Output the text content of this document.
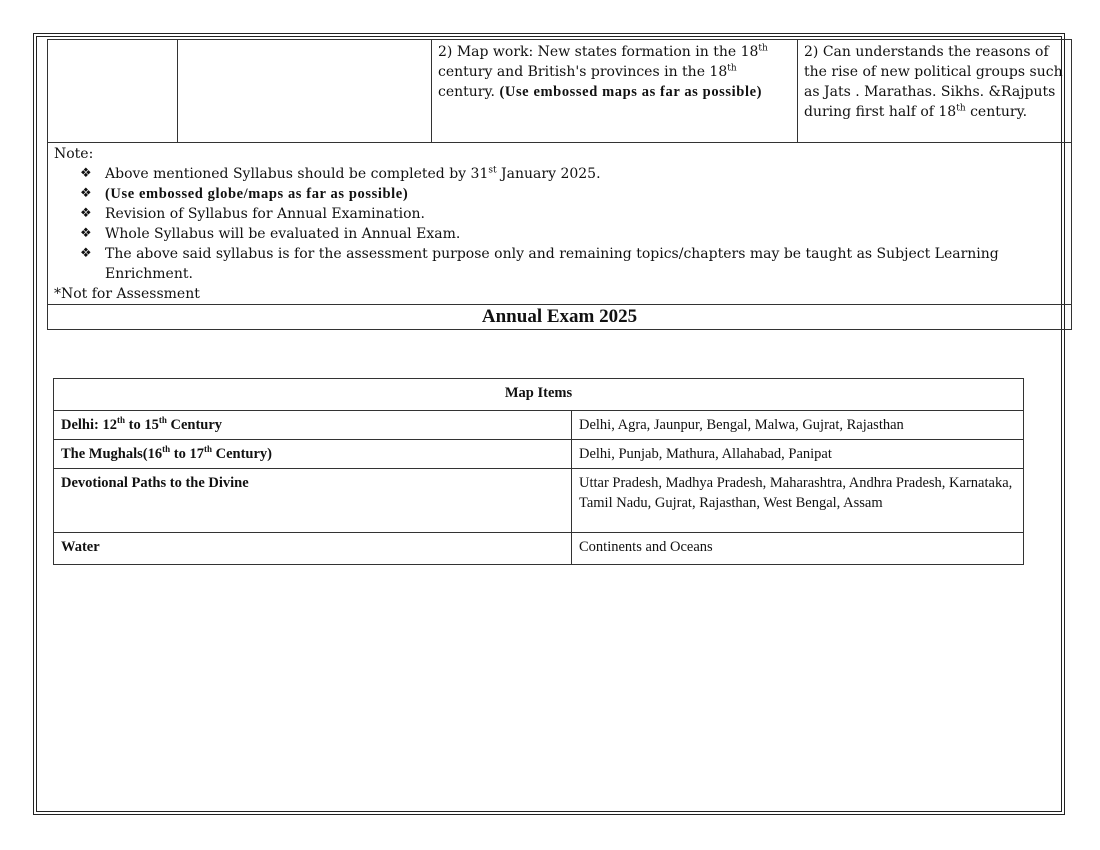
		2) Map work: New states formation in the 18th century and British's provinces in the 18th century. (Use embossed maps as far as possible)	2) Can understands the reasons of the rise of new political groups such as Jats . Marathas. Sikhs. &Rajputs during first half of 18th century.

Note:
❖ Above mentioned Syllabus should be completed by 31st January 2025.
❖ (Use embossed globe/maps as far as possible)
❖ Revision of Syllabus for Annual Examination.
❖ Whole Syllabus will be evaluated in Annual Exam.
❖ The above said syllabus is for the assessment purpose only and remaining topics/chapters may be taught as Subject Learning Enrichment.
*Not for Assessment

Annual Exam 2025
Map Items	
Delhi: 12th to 15th Century	Delhi, Agra, Jaunpur, Bengal, Malwa, Gujrat, Rajasthan
The Mughals(16th to 17th Century)	Delhi, Punjab, Mathura, Allahabad, Panipat
Devotional Paths to the Divine	Uttar Pradesh, Madhya Pradesh, Maharashtra, Andhra Pradesh, Karnataka, Tamil Nadu, Gujrat, Rajasthan, West Bengal, Assam
Water	Continents and Oceans
